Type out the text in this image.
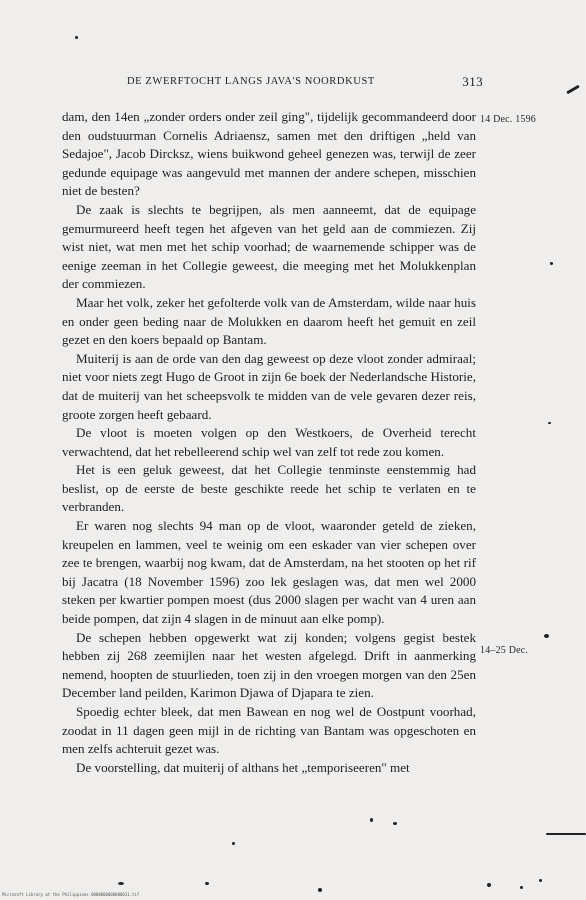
DE ZWERFTOCHT LANGS JAVA'S NOORDKUST	313
14 Dec. 1596
14–25 Dec.

dam, den 14en „zonder orders onder zeil ging", tijdelijk gecommandeerd door den oudstuurman Cornelis Adriaensz, samen met den driftigen „held van Sedajoe", Jacob Dircksz, wiens buikwond geheel genezen was, terwijl de zeer gedunde equipage was aangevuld met mannen der andere schepen, misschien niet de besten?

De zaak is slechts te begrijpen, als men aanneemt, dat de equipage gemurmureerd heeft tegen het afgeven van het geld aan de commiezen. Zij wist niet, wat men met het schip voorhad; de waarnemende schipper was de eenige zeeman in het Collegie geweest, die meeging met het Molukkenplan der commiezen.

Maar het volk, zeker het gefolterde volk van de Amsterdam, wilde naar huis en onder geen beding naar de Molukken en daarom heeft het gemuit en zeil gezet en den koers bepaald op Bantam.

Muiterij is aan de orde van den dag geweest op deze vloot zonder admiraal; niet voor niets zegt Hugo de Groot in zijn 6e boek der Nederlandsche Historie, dat de muiterij van het scheepsvolk te midden van de vele gevaren dezer reis, groote zorgen heeft gebaard.

De vloot is moeten volgen op den Westkoers, de Overheid terecht verwachtend, dat het rebelleerend schip wel van zelf tot rede zou komen.

Het is een geluk geweest, dat het Collegie tenminste eenstemmig had beslist, op de eerste de beste geschikte reede het schip te verlaten en te verbranden.

Er waren nog slechts 94 man op de vloot, waaronder geteld de zieken, kreupelen en lammen, veel te weinig om een eskader van vier schepen over zee te brengen, waarbij nog kwam, dat de Amsterdam, na het stooten op het rif bij Jacatra (18 November 1596) zoo lek geslagen was, dat men wel 2000 steken per kwartier pompen moest (dus 2000 slagen per wacht van 4 uren aan beide pompen, dat zijn 4 slagen in de minuut aan elke pomp).

De schepen hebben opgewerkt wat zij konden; volgens gegist bestek hebben zij 268 zeemijlen naar het westen afgelegd. Drift in aanmerking nemend, hoopten de stuurlieden, toen zij in den vroegen morgen van den 25en December land peilden, Karimon Djawa of Djapara te zien.

Spoedig echter bleek, dat men Bawean en nog wel de Oostpunt voorhad, zoodat in 11 dagen geen mijl in de richting van Bantam was opgeschoten en men zelfs achteruit gezet was.

De voorstelling, dat muiterij of althans het „temporiseeren" met

Microsoft Library at the Philippines 0000000000000031.tif
